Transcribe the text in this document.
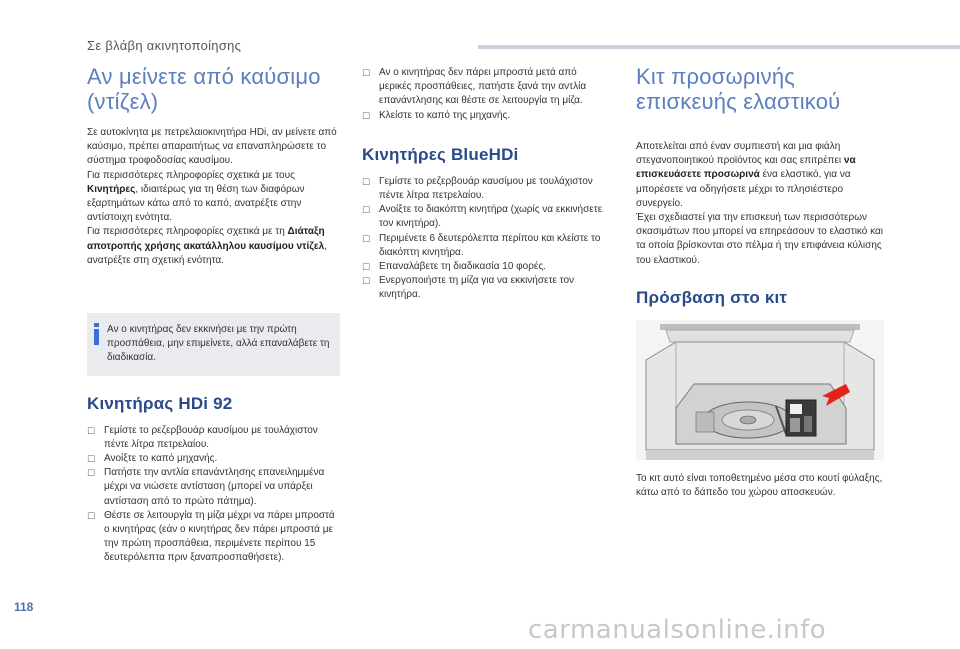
Σε βλάβη ακινητοποίησης
Αν μείνετε από καύσιμο (ντίζελ)

Σε αυτοκίνητα με πετρελαιοκινητήρα HDi, αν μείνετε από καύσιμο, πρέπει απαραιτήτως να επαναπληρώσετε το σύστημα τροφοδοσίας καυσίμου.
Για περισσότερες πληροφορίες σχετικά με τους Κινητήρες, ιδιαιτέρως για τη θέση των διαφόρων εξαρτημάτων κάτω από το καπό, ανατρέξτε στην αντίστοιχη ενότητα.
Για περισσότερες πληροφορίες σχετικά με τη Διάταξη αποτροπής χρήσης ακατάλληλου καυσίμου ντίζελ, ανατρέξτε στη σχετική ενότητα.

Αν ο κινητήρας δεν εκκινήσει με την πρώτη προσπάθεια, μην επιμείνετε, αλλά επαναλάβετε τη διαδικασία.

Κινητήρας HDi 92
☐ Γεμίστε το ρεζερβουάρ καυσίμου με τουλάχιστον πέντε λίτρα πετρελαίου.
☐ Ανοίξτε το καπό μηχανής.
☐ Πατήστε την αντλία επανάντλησης επανειλημμένα μέχρι να νιώσετε αντίσταση (μπορεί να υπάρξει αντίσταση από το πρώτο πάτημα).
☐ Θέστε σε λειτουργία τη μίζα μέχρι να πάρει μπροστά ο κινητήρας (εάν ο κινητήρας δεν πάρει μπροστά με την πρώτη προσπάθεια, περιμένετε περίπου 15 δευτερόλεπτα πριν ξαναπροσπαθήσετε).
☐ Αν ο κινητήρας δεν πάρει μπροστά μετά από μερικές προσπάθειες, πατήστε ξανά την αντλία επανάντλησης και θέστε σε λειτουργία τη μίζα.
☐ Κλείστε το καπό της μηχανής.
Κινητήρες BlueHDi
☐ Γεμίστε το ρεζερβουάρ καυσίμου με τουλάχιστον πέντε λίτρα πετρελαίου.
☐ Ανοίξτε το διακόπτη κινητήρα (χωρίς να εκκινήσετε τον κινητήρα).
☐ Περιμένετε 6 δευτερόλεπτα περίπου και κλείστε το διακόπτη κινητήρα.
☐ Επαναλάβετε τη διαδικασία 10 φορές.
☐ Ενεργοποιήστε τη μίζα για να εκκινήσετε τον κινητήρα.
Κιτ προσωρινής επισκευής ελαστικού

Αποτελείται από έναν συμπιεστή και μια φιάλη στεγανοποιητικού προϊόντος και σας επιτρέπει να επισκευάσετε προσωρινά ένα ελαστικό, για να μπορέσετε να οδηγήσετε μέχρι το πλησιέστερο συνεργείο.
Έχει σχεδιαστεί για την επισκευή των περισσότερων σκασιμάτων που μπορεί να επηρεάσουν το ελαστικό και τα οποία βρίσκονται στο πέλμα ή την επιφάνεια κύλισης του ελαστικού.

Πρόσβαση στο κιτ

Το κιτ αυτό είναι τοποθετημένο μέσα στο κουτί φύλαξης, κάτω από το δάπεδο του χώρου αποσκευών.

118
carmanualsonline.info
